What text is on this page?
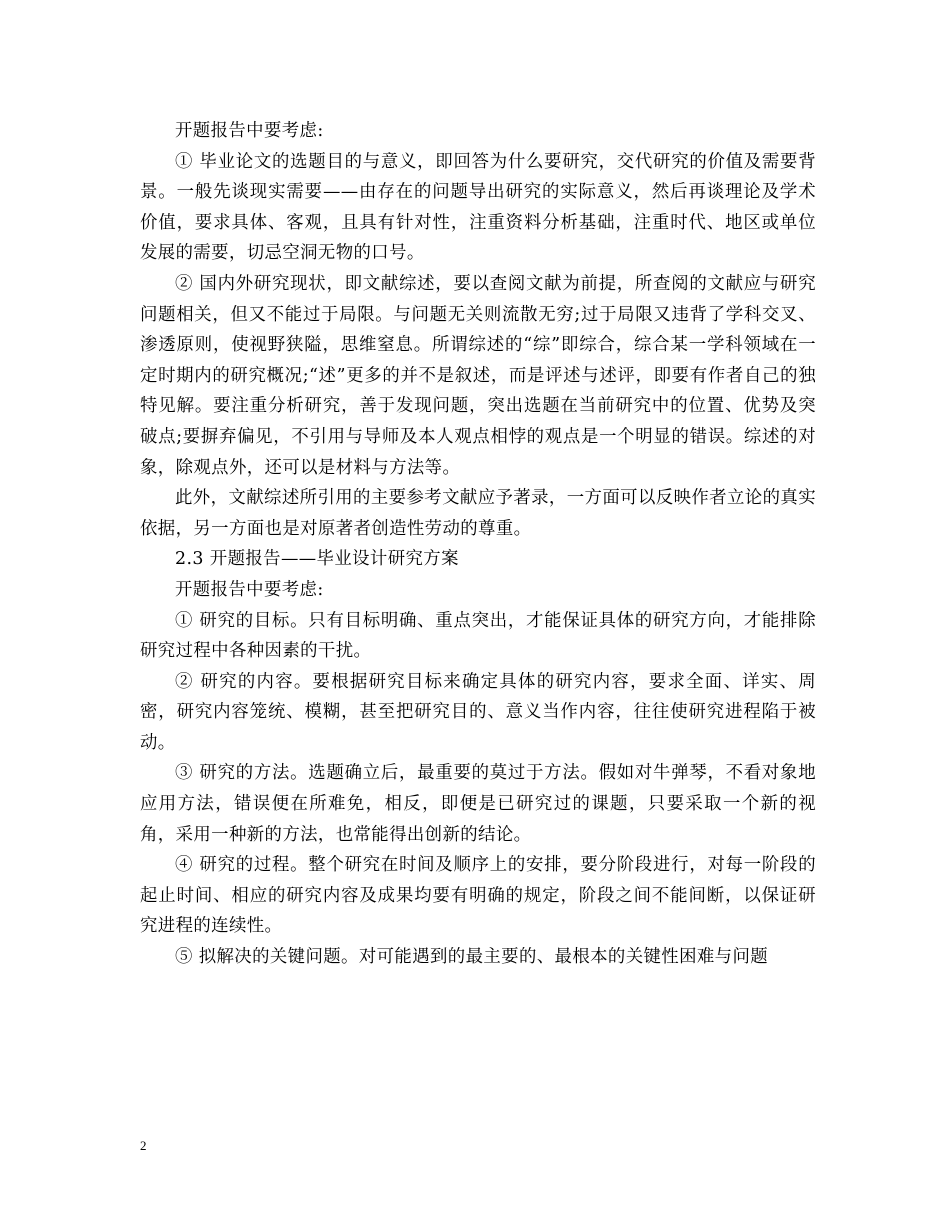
开题报告中要考虑:

① 毕业论文的选题目的与意义，即回答为什么要研究，交代研究的价值及需要背景。一般先谈现实需要——由存在的问题导出研究的实际意义，然后再谈理论及学术价值，要求具体、客观，且具有针对性，注重资料分析基础，注重时代、地区或单位发展的需要，切忌空洞无物的口号。

② 国内外研究现状，即文献综述，要以查阅文献为前提，所查阅的文献应与研究问题相关，但又不能过于局限。与问题无关则流散无穷;过于局限又违背了学科交叉、渗透原则，使视野狭隘，思维窒息。所谓综述的“综”即综合，综合某一学科领域在一定时期内的研究概况;“述”更多的并不是叙述，而是评述与述评，即要有作者自己的独特见解。要注重分析研究，善于发现问题，突出选题在当前研究中的位置、优势及突破点;要摒弃偏见，不引用与导师及本人观点相悖的观点是一个明显的错误。综述的对象，除观点外，还可以是材料与方法等。

此外，文献综述所引用的主要参考文献应予著录，一方面可以反映作者立论的真实依据，另一方面也是对原著者创造性劳动的尊重。

2.3 开题报告——毕业设计研究方案

开题报告中要考虑:

① 研究的目标。只有目标明确、重点突出，才能保证具体的研究方向，才能排除研究过程中各种因素的干扰。

② 研究的内容。要根据研究目标来确定具体的研究内容，要求全面、详实、周密，研究内容笼统、模糊，甚至把研究目的、意义当作内容，往往使研究进程陷于被动。

③ 研究的方法。选题确立后，最重要的莫过于方法。假如对牛弹琴，不看对象地应用方法，错误便在所难免，相反，即便是已研究过的课题，只要采取一个新的视角，采用一种新的方法，也常能得出创新的结论。

④ 研究的过程。整个研究在时间及顺序上的安排，要分阶段进行，对每一阶段的起止时间、相应的研究内容及成果均要有明确的规定，阶段之间不能间断，以保证研究进程的连续性。

⑤ 拟解决的关键问题。对可能遇到的最主要的、最根本的关键性困难与问题

2
